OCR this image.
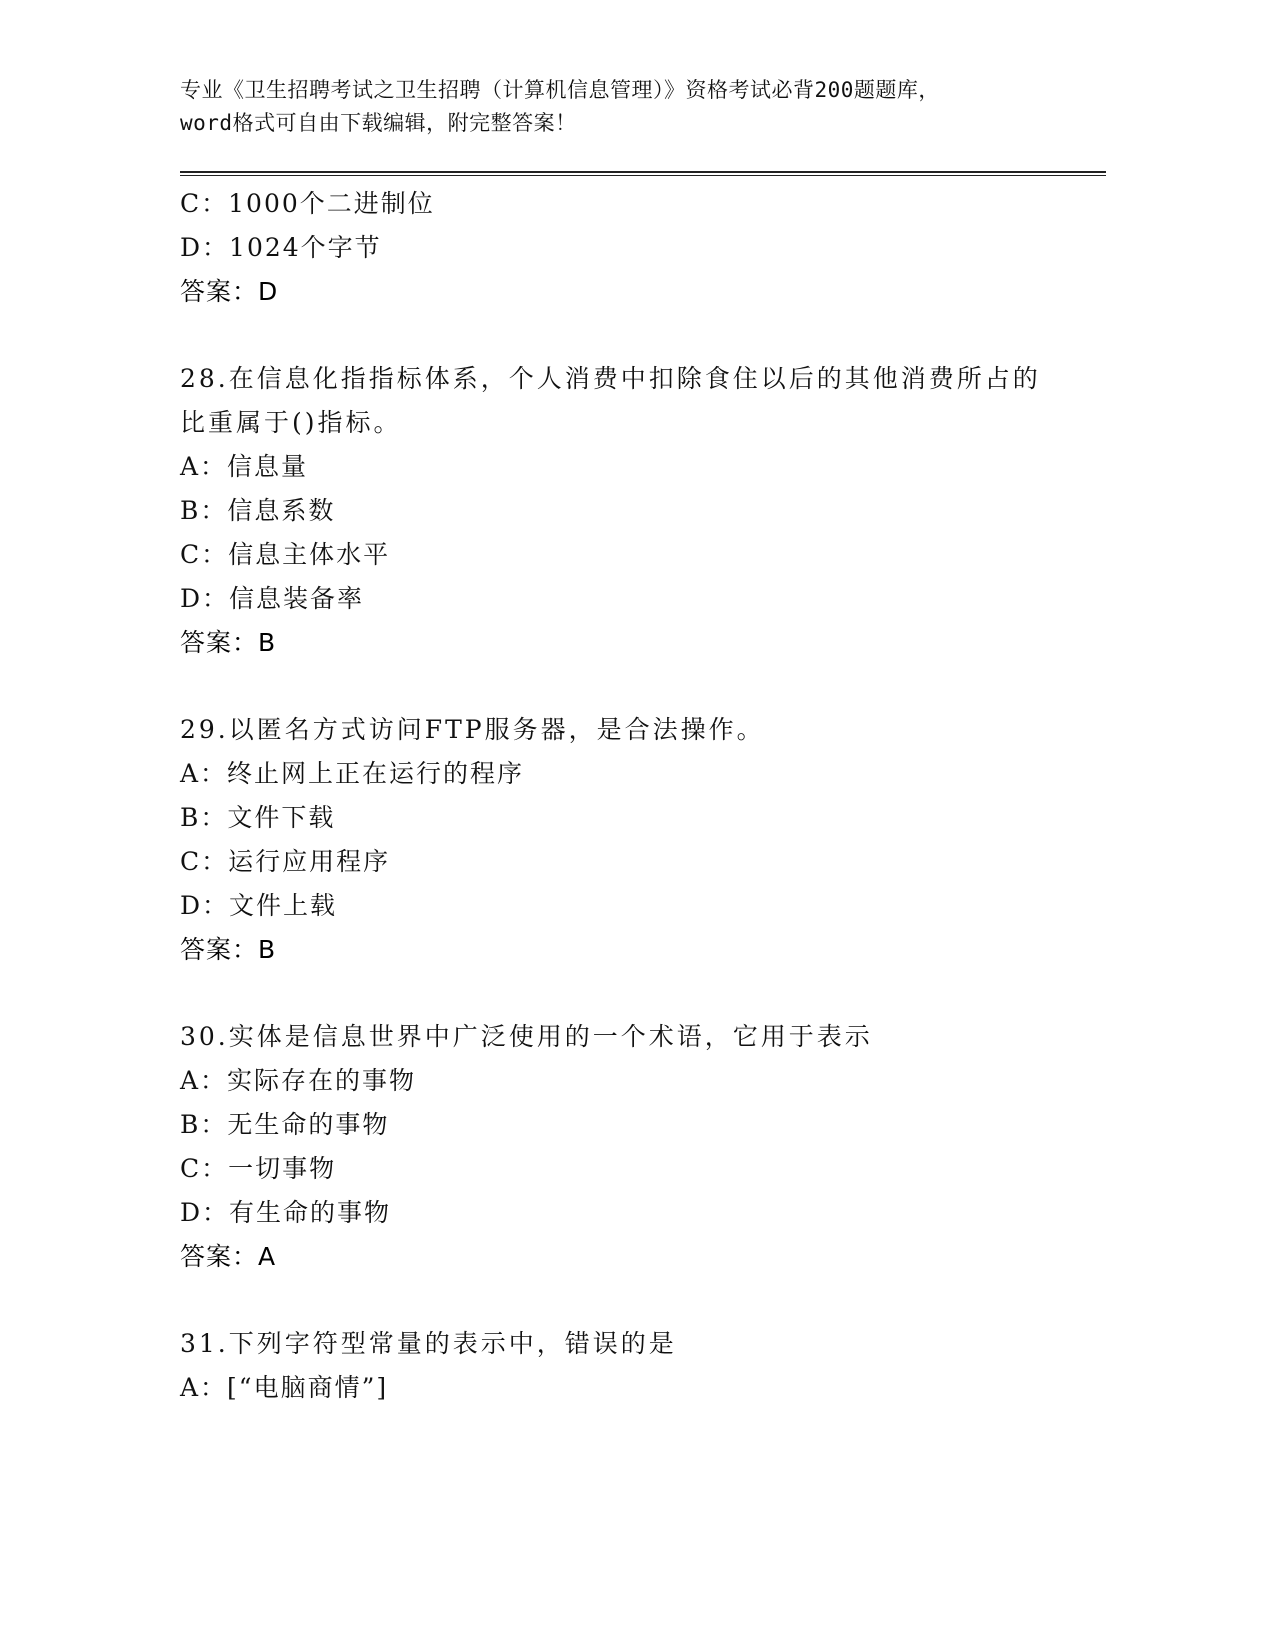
专业《卫生招聘考试之卫生招聘（计算机信息管理）》资格考试必背200题题库，
word格式可自由下载编辑，附完整答案！
C：1000个二进制位
D：1024个字节
答案：D
28.在信息化指指标体系，个人消费中扣除食住以后的其他消费所占的
比重属于()指标。
A：信息量
B：信息系数
C：信息主体水平
D：信息装备率
答案：B
29.以匿名方式访问FTP服务器，是合法操作。
A：终止网上正在运行的程序
B：文件下载
C：运行应用程序
D：文件上载
答案：B
30.实体是信息世界中广泛使用的一个术语，它用于表示
A：实际存在的事物
B：无生命的事物
C：一切事物
D：有生命的事物
答案：A
31.下列字符型常量的表示中，错误的是
A：[“电脑商情”]
